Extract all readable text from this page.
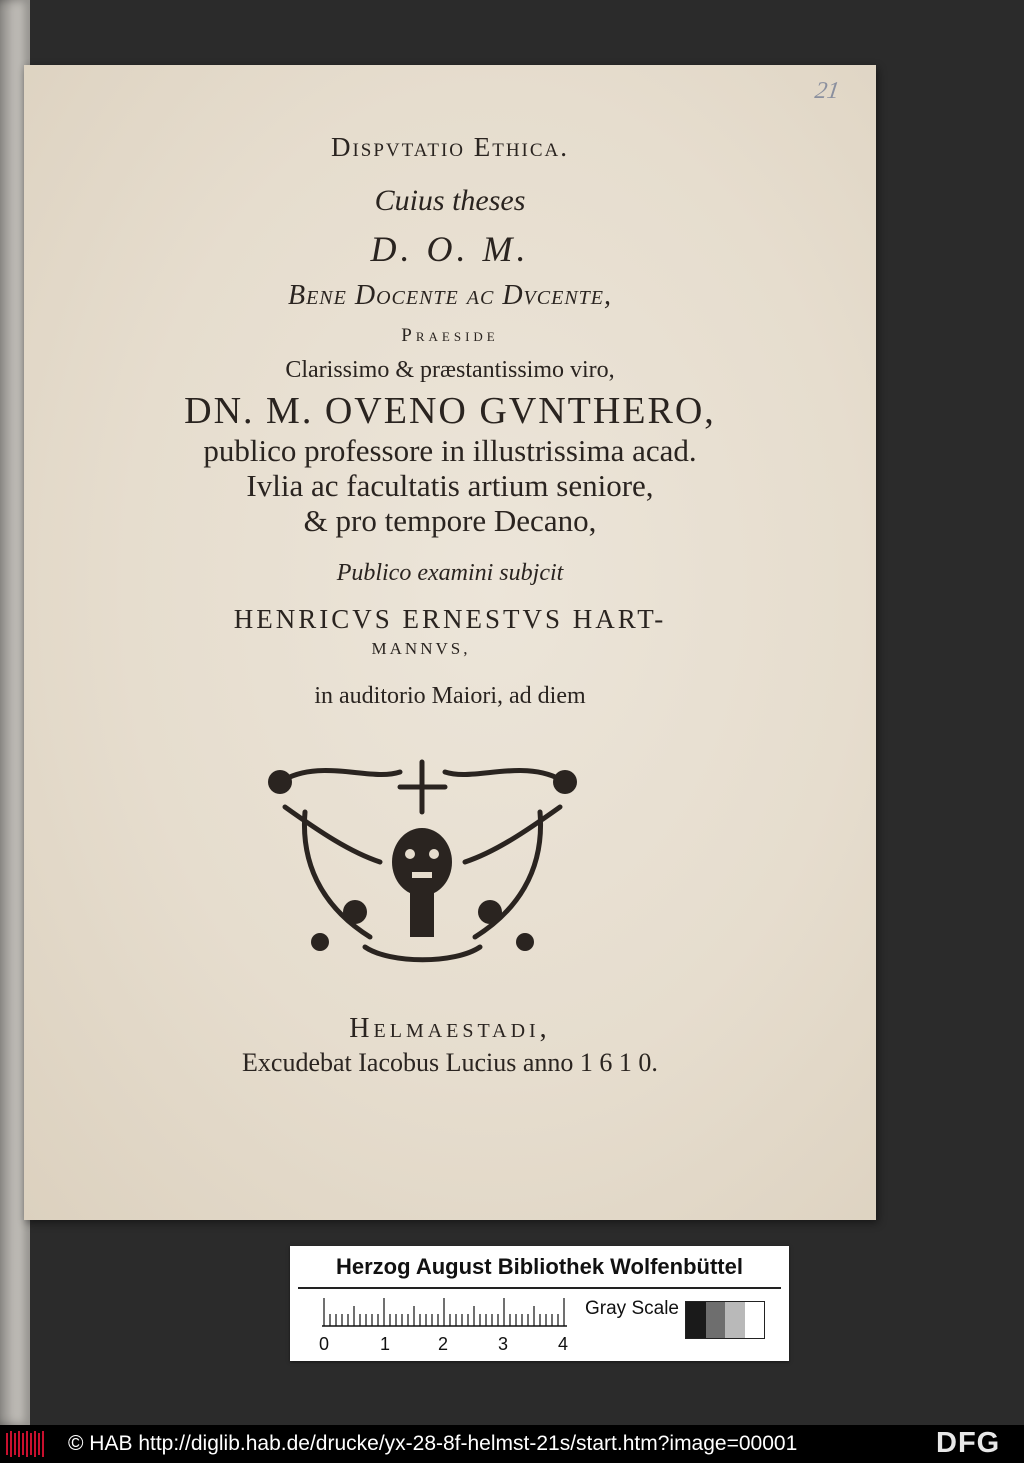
21
Dispvtatio Ethica.
Cuius theses
D. O. M.
Bene Docente ac Dvcente,
Praeside
Clarissimo & præstantissimo viro,
DN. M. OVENO GVNTHERO,
publico professore in illustrissima acad.
Ivlia ac facultatis artium seniore,
& pro tempore Decano,
Publico examini subjcit
HENRICVS ERNESTVS HART-
MANNVS,
in auditorio Maiori, ad diem
Helmaestadi,
Excudebat Iacobus Lucius anno 1 6 1 0.
Herzog August Bibliothek Wolfenbüttel
0	1	2	3	4
Gray Scale
© HAB http://diglib.hab.de/drucke/yx-28-8f-helmst-21s/start.htm?image=00001	DFG
